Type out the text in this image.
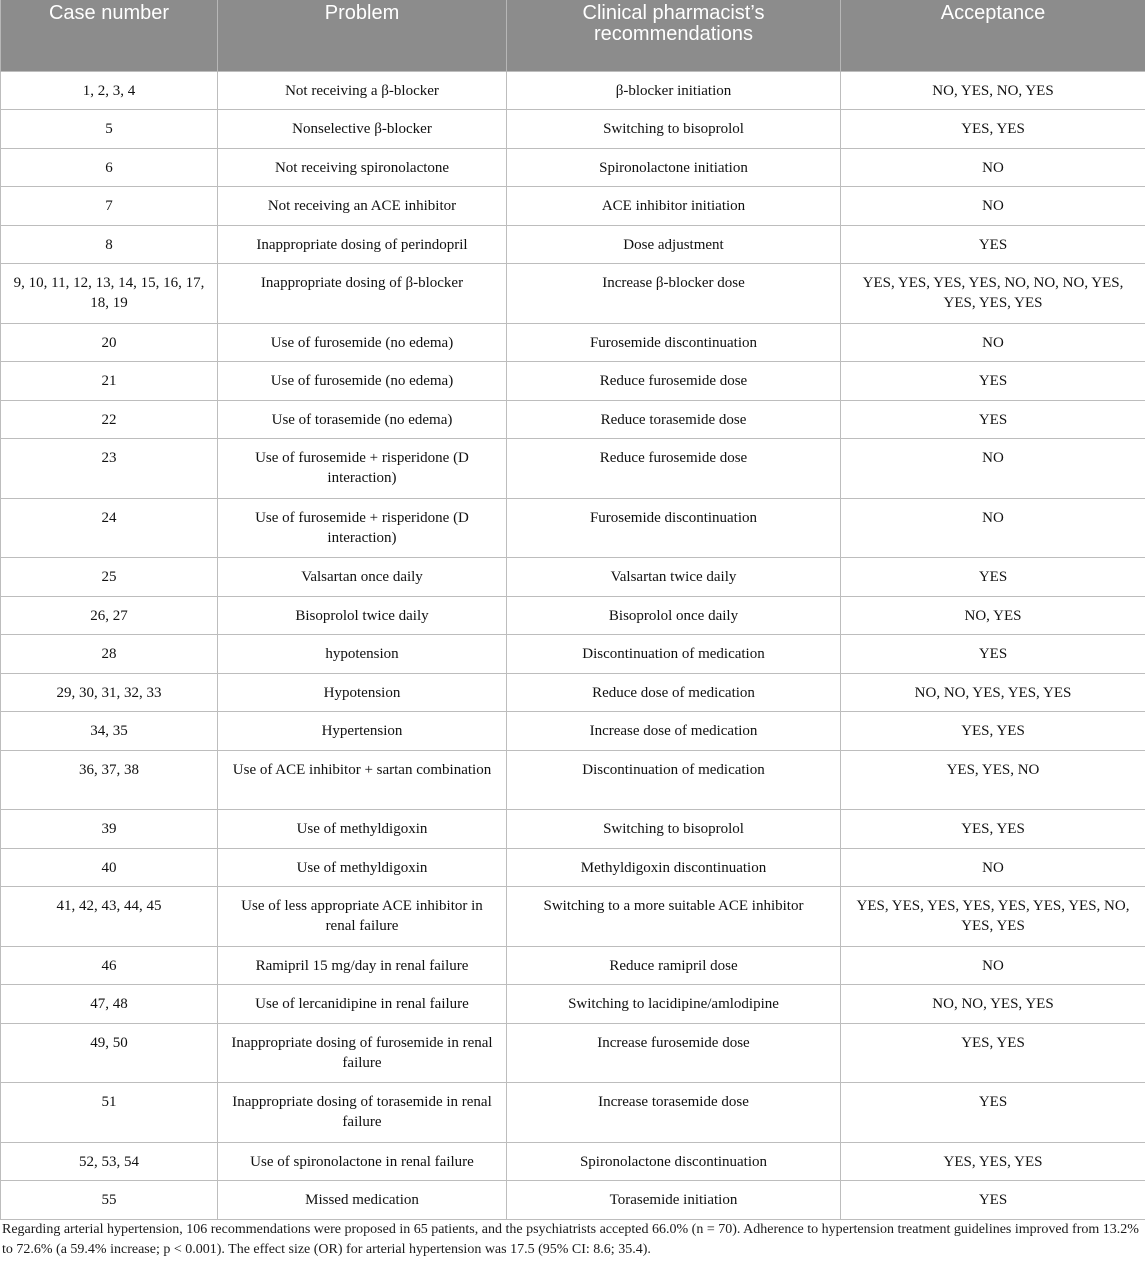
Case number	Problem	Clinical pharmacist’s recommendations	Acceptance
1, 2, 3, 4	Not receiving a β-blocker	β-blocker initiation	NO, YES, NO, YES
5	Nonselective β-blocker	Switching to bisoprolol	YES, YES
6	Not receiving spironolactone	Spironolactone initiation	NO
7	Not receiving an ACE inhibitor	ACE inhibitor initiation	NO
8	Inappropriate dosing of perindopril	Dose adjustment	YES
9, 10, 11, 12, 13, 14, 15, 16, 17, 18, 19	Inappropriate dosing of β-blocker	Increase β-blocker dose	YES, YES, YES, YES, NO, NO, NO, YES, YES, YES, YES
20	Use of furosemide (no edema)	Furosemide discontinuation	NO
21	Use of furosemide (no edema)	Reduce furosemide dose	YES
22	Use of torasemide (no edema)	Reduce torasemide dose	YES
23	Use of furosemide + risperidone (D interaction)	Reduce furosemide dose	NO
24	Use of furosemide + risperidone (D interaction)	Furosemide discontinuation	NO
25	Valsartan once daily	Valsartan twice daily	YES
26, 27	Bisoprolol twice daily	Bisoprolol once daily	NO, YES
28	hypotension	Discontinuation of medication	YES
29, 30, 31, 32, 33	Hypotension	Reduce dose of medication	NO, NO, YES, YES, YES
34, 35	Hypertension	Increase dose of medication	YES, YES
36, 37, 38	Use of ACE inhibitor + sartan combination	Discontinuation of medication	YES, YES, NO
39	Use of methyldigoxin	Switching to bisoprolol	YES, YES
40	Use of methyldigoxin	Methyldigoxin discontinuation	NO
41, 42, 43, 44, 45	Use of less appropriate ACE inhibitor in renal failure	Switching to a more suitable ACE inhibitor	YES, YES, YES, YES, YES, YES, YES, NO, YES, YES
46	Ramipril 15 mg/day in renal failure	Reduce ramipril dose	NO
47, 48	Use of lercanidipine in renal failure	Switching to lacidipine/amlodipine	NO, NO, YES, YES
49, 50	Inappropriate dosing of furosemide in renal failure	Increase furosemide dose	YES, YES
51	Inappropriate dosing of torasemide in renal failure	Increase torasemide dose	YES
52, 53, 54	Use of spironolactone in renal failure	Spironolactone discontinuation	YES, YES, YES
55	Missed medication	Torasemide initiation	YES

Regarding arterial hypertension, 106 recommendations were proposed in 65 patients, and the psychiatrists accepted 66.0% (n = 70). Adherence to hypertension treatment guidelines improved from 13.2% to 72.6% (a 59.4% increase; p < 0.001). The effect size (OR) for arterial hypertension was 17.5 (95% CI: 8.6; 35.4).
